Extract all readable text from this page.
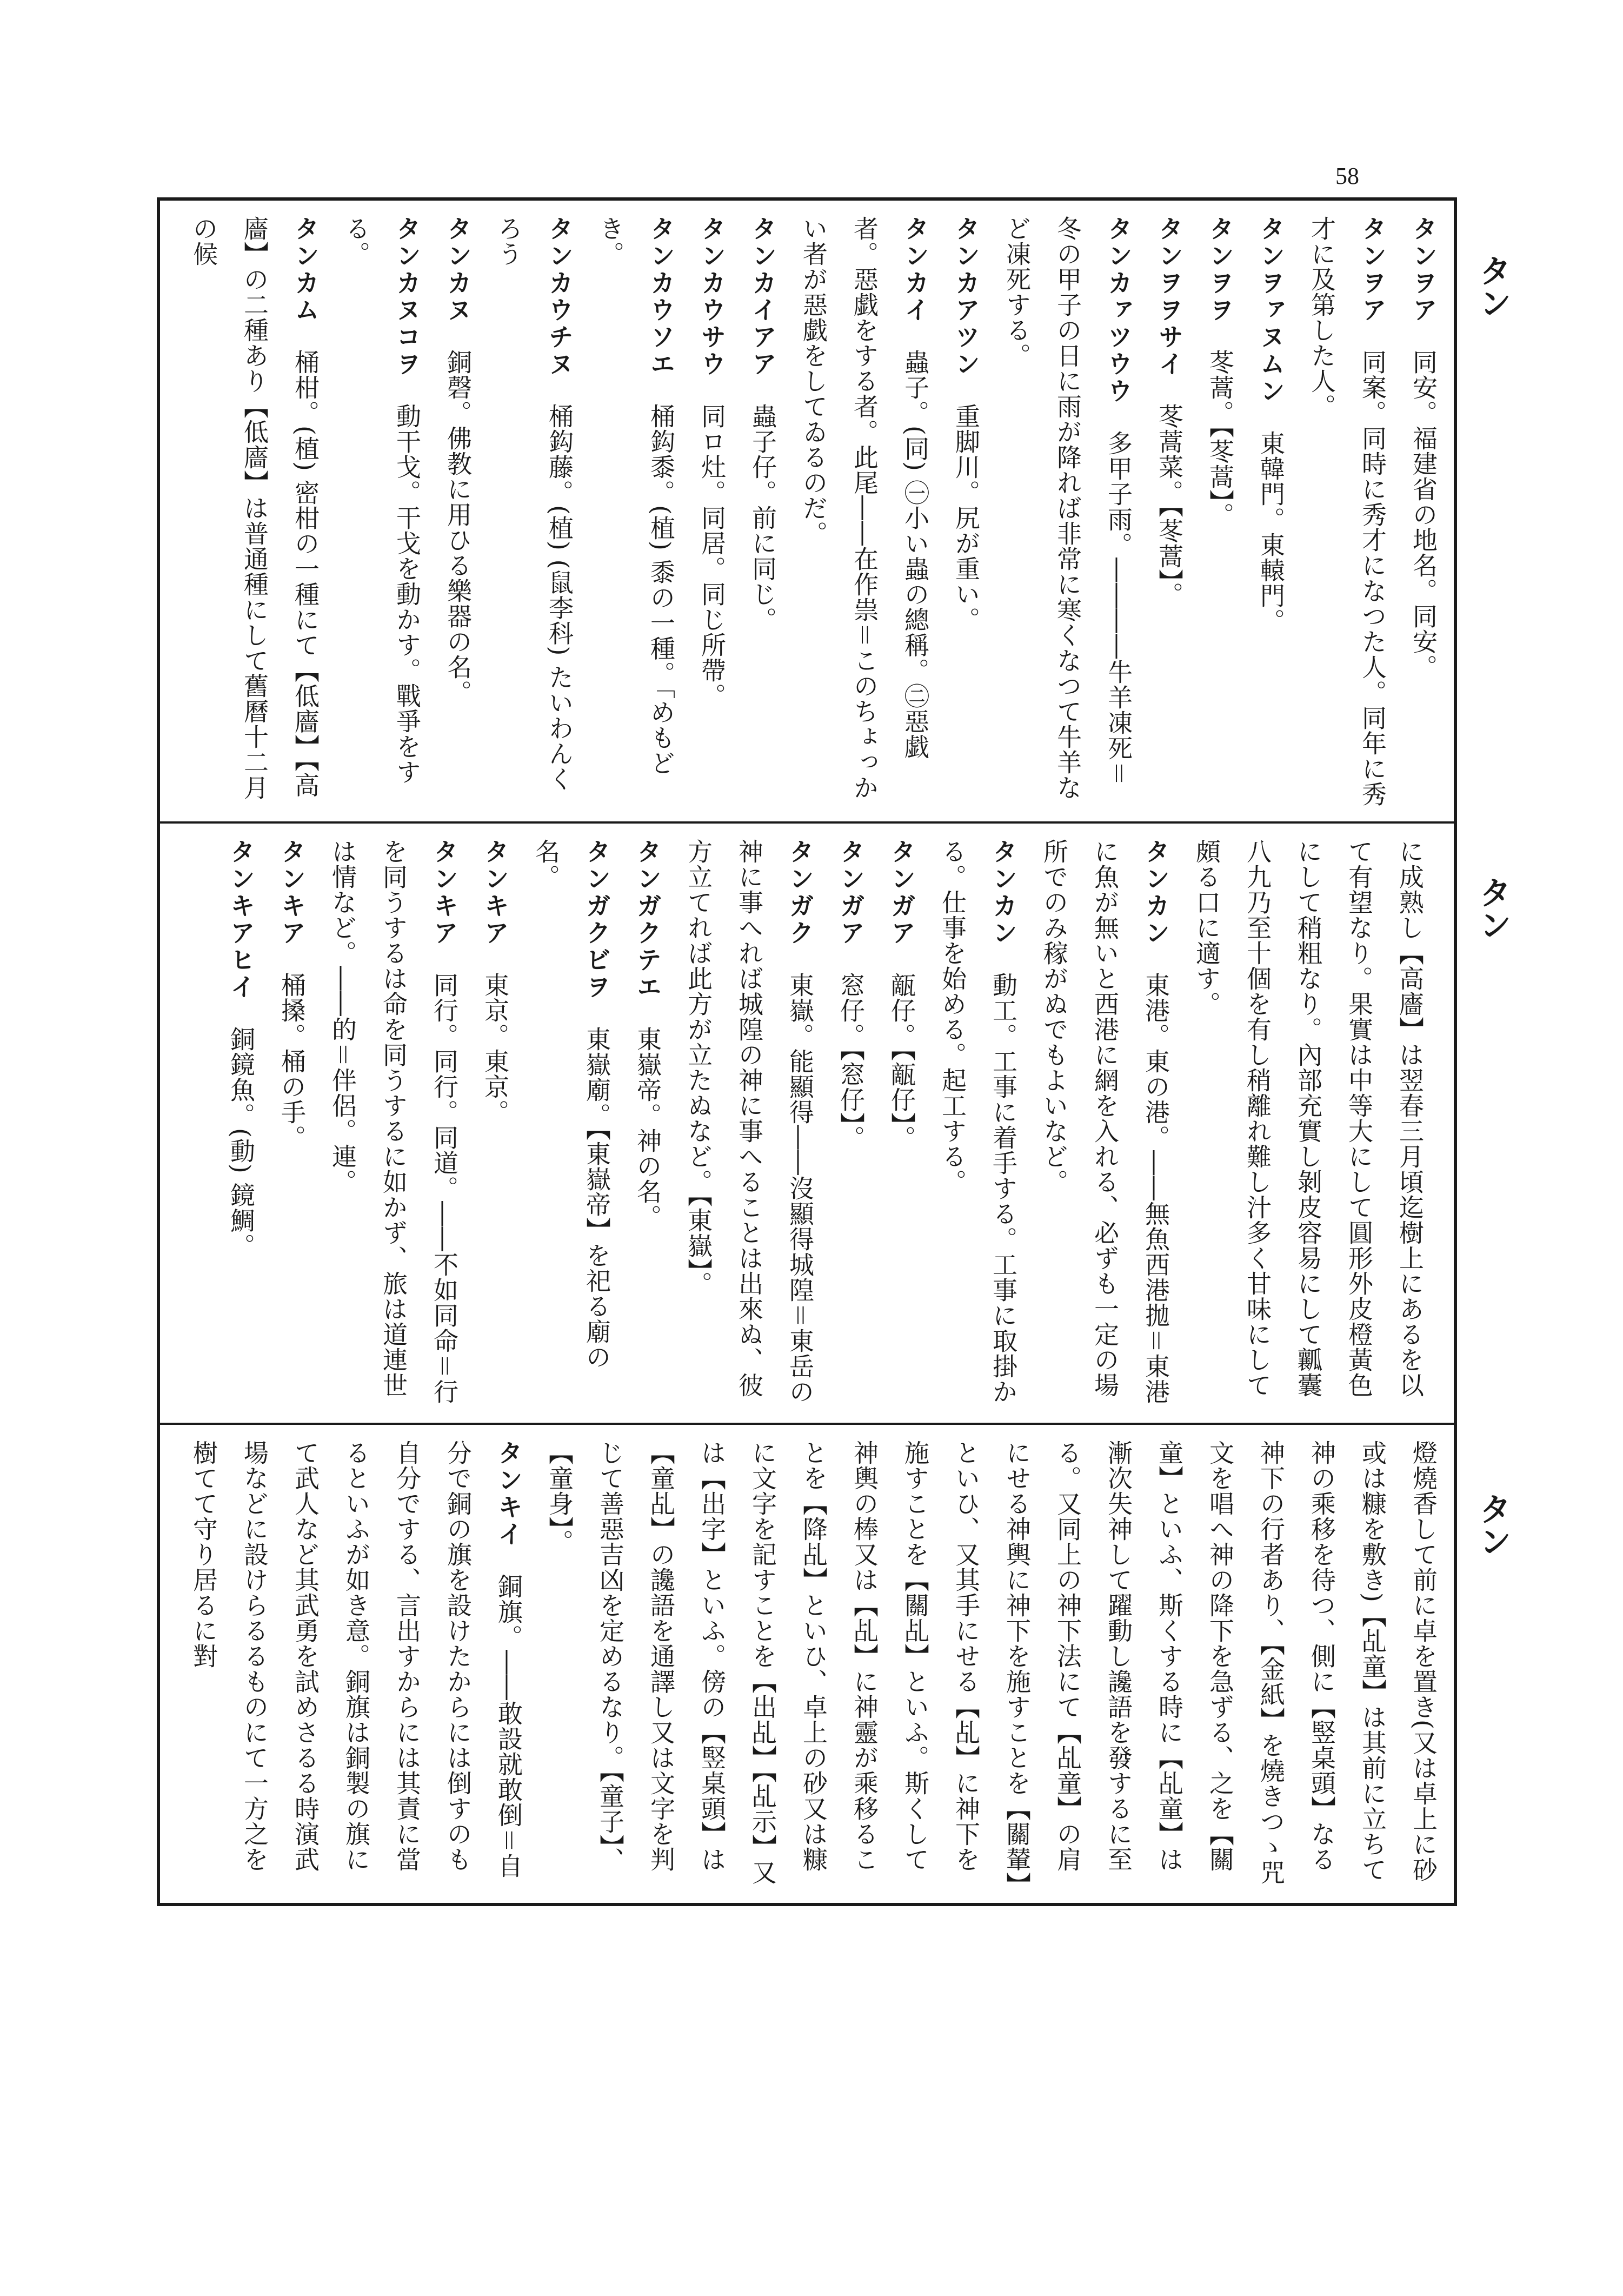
58
タン
タン
タン

タンヲア　同安。福建省の地名。同安。

タンヲア　同案。同時に秀才になつた人。同年に秀才に及第した人。

タンヲァヌムン　東韓門。東轅門。

タンヲヲ　苳蒿。【苳蒿】。

タンヲヲサイ　苳蒿菜。【苳蒿】。

タンカァツウウ　多甲子雨。――――牛羊凍死＝冬の甲子の日に雨が降れば非常に寒くなつて牛羊など凍死する。

タンカアツン　重脚川。尻が重い。

タンカイ　蟲子。(同) ㊀小い蟲の總稱。㊁惡戯者。惡戯をする者。此尾――在作祟＝このちょっかい者が惡戯をしてゐるのだ。

タンカイアア　蟲子仔。前に同じ。

タンカウサウ　同ロ灶。同居。同じ所帶。

タンカウソエ　桶鈎黍。(植) 黍の一種。「めもどき。

タンカウチヌ　桶鈎藤。(植) (鼠李科) たいわんくろう

タンカヌ　銅磬。佛教に用ひる樂器の名。

タンカヌコヲ　動干戈。干戈を動かす。戰爭をする。

タンカム　桶柑。(植) 密柑の一種にて【低廧】【高廧】の二種あり【低廧】は普通種にして舊曆十二月の候

に成熟し【高廧】は翌春三月頃迄樹上にあるを以て有望なり。果實は中等大にして圓形外皮橙黃色にして稍粗なり。內部充實し剝皮容易にして瓤囊八九乃至十個を有し稍離れ難し汁多く甘味にして頗る口に適す。

タンカン　東港。東の港。――無魚西港拋＝東港に魚が無いと西港に網を入れる、必ずも一定の場所でのみ稼がぬでもよいなど。

タンカン　動工。工事に着手する。工事に取掛かる。仕事を始める。起工する。

タンガア　甋仔。【甋仔】。

タンガア　窓仔。【窓仔】。

タンガク　東嶽。能顯得――沒顯得城隍＝東岳の神に事へれば城隍の神に事へることは出來ぬ、彼方立てれば此方が立たぬなど。【東嶽】。

タンガクテエ　東嶽帝。神の名。

タンガクビヲ　東嶽廟。【東嶽帝】を祀る廟の名。

タンキア　東京。東京。

タンキア　同行。同行。同道。――不如同命＝行を同うするは命を同うするに如かず、旅は道連世は情など。――的＝伴侶。連。

タンキア　桶搡。桶の手。

タンキアヒイ　銅鏡魚。(動) 鏡鯛。

　 燈燒香して前に卓を置き(又は卓上に砂或は糠を敷き)【乩童】は其前に立ちて神の乘移を待つ、側に【竪桌頭】なる神下の行者あり、【金紙】を燒きつゝ咒文を唱へ神の降下を急ずる、之を【關童】といふ、斯くする時に【乩童】は漸次失神して躍動し讒語を發するに至る。又同上の神下法にて【乩童】の肩にせる神輿に神下を施すことを【關輦】といひ、又其手にせる【乩】に神下を施すことを【關乩】といふ。斯くして神輿の棒又は【乩】に神靈が乘移ることを【降乩】といひ、卓上の砂又は糠に文字を記すことを【出乩】【乩示】又は【出字】といふ。傍の【竪桌頭】は【童乩】の讒語を通譯し又は文字を判じて善惡吉凶を定めるなり。【童子】、【童身】。

タンキイ　銅旗。――敢設就敢倒＝自分で銅の旗を設けたからには倒すのも自分でする、言出すからには其責に當るといふが如き意。銅旗は銅製の旗にて武人など其武勇を試めさるる時演武場などに設けらるるものにて一方之を樹てて守り居るに對
